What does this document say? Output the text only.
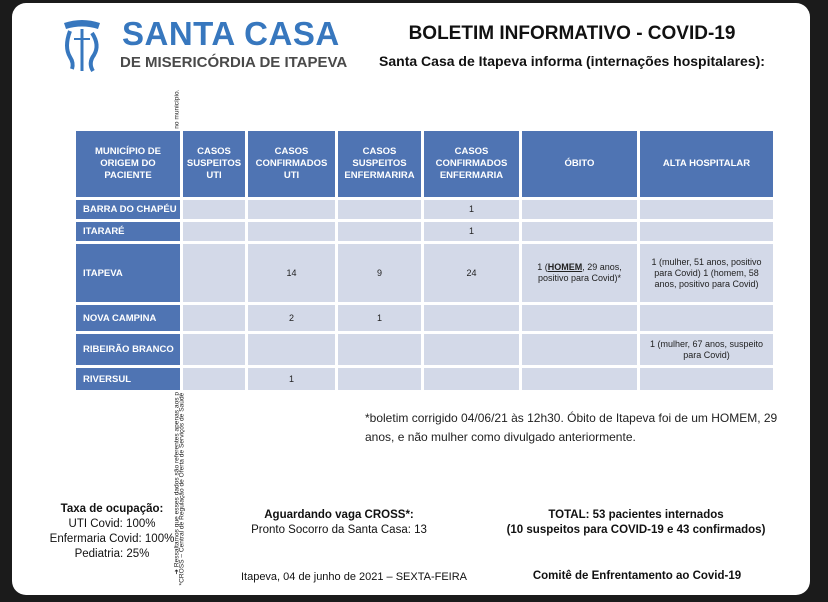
SANTA CASA
DE MISERICÓRDIA DE ITAPEVA
BOLETIM INFORMATIVO - COVID-19
Santa Casa de Itapeva informa (internações hospitalares):
*CROSS – Central de Regulação de Oferta de Serviços de Saúde
MUNICÍPIO DE ORIGEM DO PACIENTE	CASOS SUSPEITOS UTI	CASOS CONFIRMADOS UTI	CASOS SUSPEITOS ENFERMARIRA	CASOS CONFIRMADOS ENFERMARIA	ÓBITO	ALTA HOSPITALAR
BARRA DO CHAPÉU				1		
ITARARÉ				1		
ITAPEVA		14	9	24	1 (HOMEM, 29 anos, positivo para Covid)*	1 (mulher, 51 anos, positivo para Covid) 1 (homem, 58 anos, positivo para Covid)
NOVA CAMPINA		2	1			
RIBEIRÃO BRANCO						1 (mulher, 67 anos, suspeito para Covid)
RIVERSUL		1				
*boletim corrigido 04/06/21 às 12h30. Óbito de Itapeva foi de um HOMEM, 29 anos, e não mulher como divulgado anteriormente.
Taxa de ocupação:
UTI Covid: 100%
Enfermaria Covid: 100%
Pediatria: 25%
Aguardando vaga CROSS*:
Pronto Socorro da Santa Casa: 13
TOTAL: 53 pacientes internados
(10 suspeitos para COVID-19 e 43 confirmados)
Itapeva, 04 de junho de 2021 – SEXTA-FEIRA	Comitê de Enfrentamento ao Covid-19
